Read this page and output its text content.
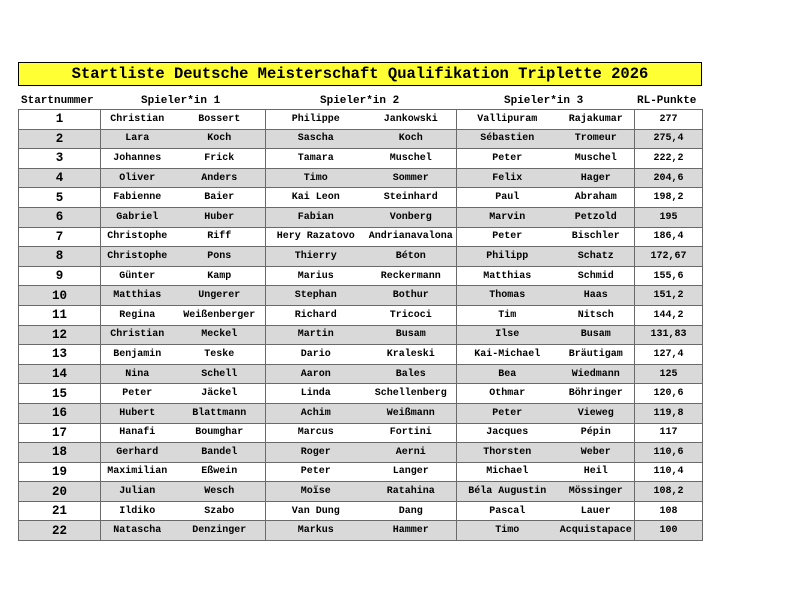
Startliste Deutsche Meisterschaft Qualifikation Triplette 2026
Startnummer	Spieler*in 1	Spieler*in 2	Spieler*in 3	RL-Punkte
1	Christian	Bossert	Philippe	Jankowski	Vallipuram	Rajakumar	277
2	Lara	Koch	Sascha	Koch	Sébastien	Tromeur	275,4
3	Johannes	Frick	Tamara	Muschel	Peter	Muschel	222,2
4	Oliver	Anders	Timo	Sommer	Felix	Hager	204,6
5	Fabienne	Baier	Kai Leon	Steinhard	Paul	Abraham	198,2
6	Gabriel	Huber	Fabian	Vonberg	Marvin	Petzold	195
7	Christophe	Riff	Hery Razatovo	Andrianavalona	Peter	Bischler	186,4
8	Christophe	Pons	Thierry	Béton	Philipp	Schatz	172,67
9	Günter	Kamp	Marius	Reckermann	Matthias	Schmid	155,6
10	Matthias	Ungerer	Stephan	Bothur	Thomas	Haas	151,2
11	Regina	Weißenberger	Richard	Tricoci	Tim	Nitsch	144,2
12	Christian	Meckel	Martin	Busam	Ilse	Busam	131,83
13	Benjamin	Teske	Dario	Kraleski	Kai-Michael	Bräutigam	127,4
14	Nina	Schell	Aaron	Bales	Bea	Wiedmann	125
15	Peter	Jäckel	Linda	Schellenberg	Othmar	Böhringer	120,6
16	Hubert	Blattmann	Achim	Weißmann	Peter	Vieweg	119,8
17	Hanafi	Boumghar	Marcus	Fortini	Jacques	Pépin	117
18	Gerhard	Bandel	Roger	Aerni	Thorsten	Weber	110,6
19	Maximilian	Eßwein	Peter	Langer	Michael	Heil	110,4
20	Julian	Wesch	Moïse	Ratahina	Béla Augustin	Mössinger	108,2
21	Ildiko	Szabo	Van Dung	Dang	Pascal	Lauer	108
22	Natascha	Denzinger	Markus	Hammer	Timo	Acquistapace	100
